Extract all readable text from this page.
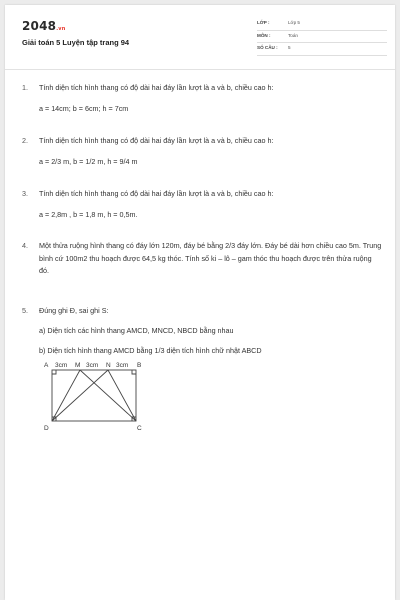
2048.vn
Giải toán 5 Luyện tập trang 94
LỚP :	Lớp 5
MÔN :	Toán
SỐ CÂU : 5
1. Tính diện tích hình thang có độ dài hai đáy lần lượt là a và b, chiều cao h:
a = 14cm; b = 6cm; h = 7cm
2. Tính diện tích hình thang có độ dài hai đáy lần lượt là a và b, chiều cao h:
a = 2/3 m, b = 1/2 m, h = 9/4 m
3. Tính diện tích hình thang có độ dài hai đáy lần lượt là a và b, chiều cao h:
a = 2,8m , b = 1,8 m, h = 0,5m.
4. Một thửa ruộng hình thang có đáy lớn 120m, đáy bé bằng 2/3 đáy lớn. Đáy bé dài hơn chiều cao 5m. Trung bình cứ 100m2 thu hoạch được 64,5 kg thóc. Tính số ki – lô – gam thóc thu hoạch được trên thửa ruộng đó.
5. Đúng ghi Đ, sai ghi S:
a) Diện tích các hình thang AMCD, MNCD, NBCD bằng nhau
b) Diện tích hình thang AMCD bằng 1/3 diện tích hình chữ nhật ABCD
A 3cm M 3cm N 3cm B
D	C
